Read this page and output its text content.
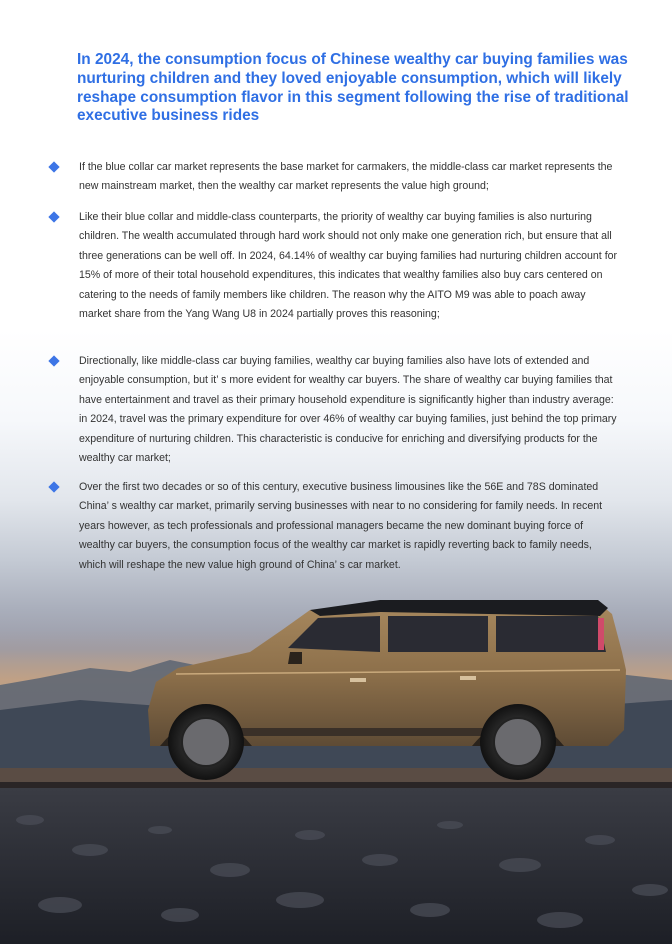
In 2024, the consumption focus of Chinese wealthy car buying families was nurturing children and they loved enjoyable consumption, which will likely reshape consumption flavor in this segment following the rise of traditional executive business rides
If the blue collar car market represents the base market for carmakers, the middle-class car market represents the new mainstream market, then the wealthy car market represents the value high ground;
Like their blue collar and middle-class counterparts, the priority of wealthy car buying families is also nurturing children. The wealth accumulated through hard work should not only make one generation rich, but ensure that all three generations can be well off. In 2024, 64.14% of wealthy car buying families had nurturing children account for 15% of more of their total household expenditures, this indicates that wealthy families also buy cars centered on catering to the needs of family members like children. The reason why the AITO M9 was able to poach away market share from the Yang Wang U8 in 2024 partially proves this reasoning;
Directionally, like middle-class car buying families, wealthy car buying families also have lots of extended and enjoyable consumption, but it’ s more evident for wealthy car buyers. The share of wealthy car buying families that have entertainment and travel as their primary household expenditure is significantly higher than industry average: in 2024, travel was the primary expenditure for over 46% of wealthy car buying families, just behind the top primary expenditure of nurturing children. This characteristic is conducive for enriching and diversifying products for the wealthy car market;
Over the first two decades or so of this century, executive business limousines like the 56E and 78S dominated China’ s wealthy car market, primarily serving businesses with near to no considering for family needs. In recent years however, as tech professionals and professional managers became the new dominant buying force of wealthy car buyers, the consumption focus of the wealthy car market is rapidly reverting back to family needs, which will reshape the new value high ground of China’ s car market.
